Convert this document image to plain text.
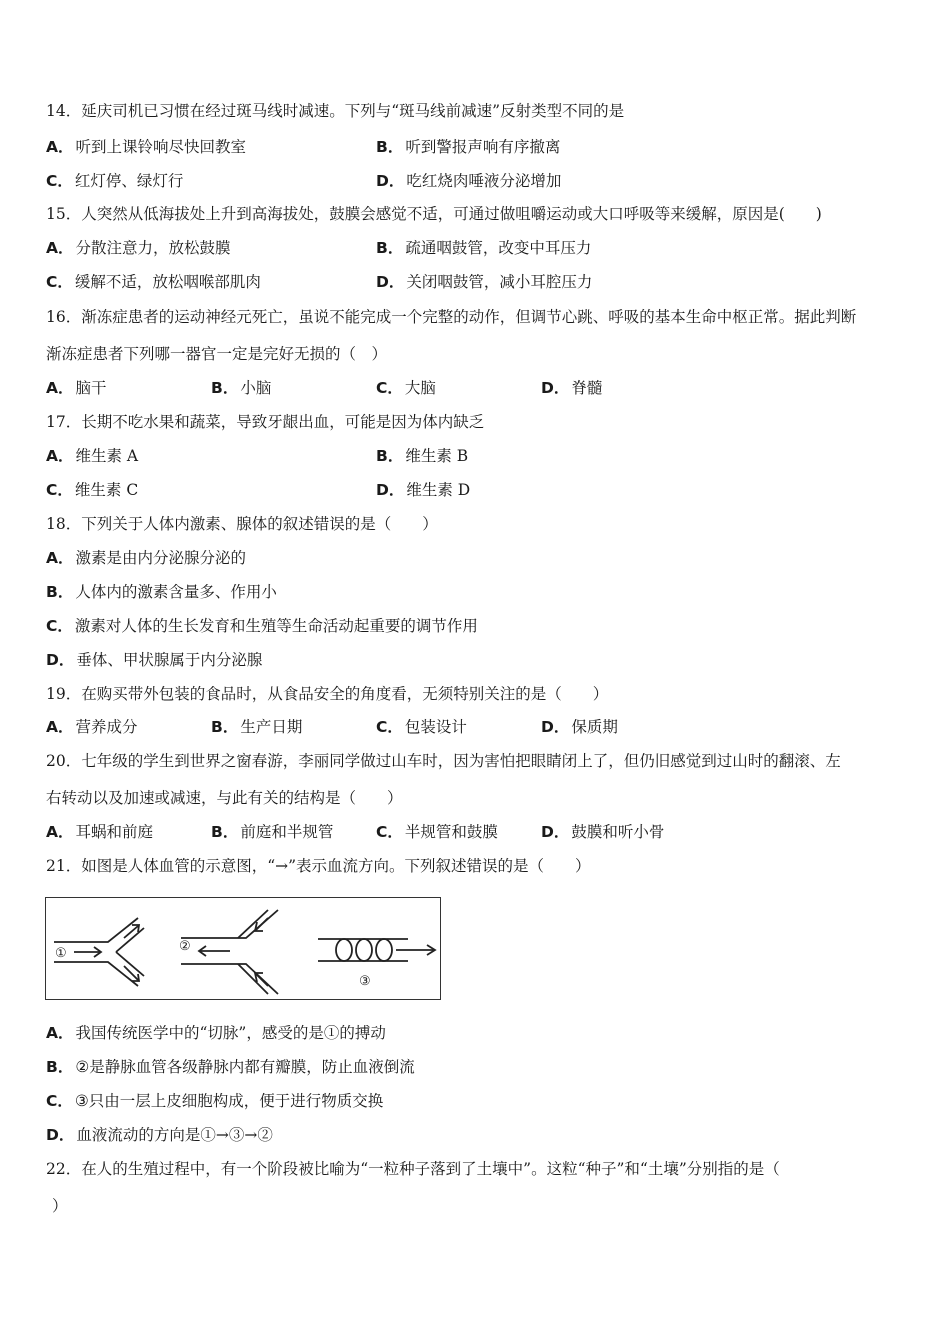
14．延庆司机已习惯在经过斑马线时减速。下列与“斑马线前减速”反射类型不同的是
A． 听到上课铃响尽快回教室	B． 听到警报声响有序撤离
C． 红灯停、绿灯行	D． 吃红烧肉唾液分泌增加
15．人突然从低海拔处上升到高海拔处，鼓膜会感觉不适，可通过做咀嚼运动或大口呼吸等来缓解，原因是(　　)
A． 分散注意力，放松鼓膜	B． 疏通咽鼓管，改变中耳压力
C． 缓解不适，放松咽喉部肌肉	D． 关闭咽鼓管，减小耳腔压力
16．渐冻症患者的运动神经元死亡，虽说不能完成一个完整的动作，但调节心跳、呼吸的基本生命中枢正常。据此判断
渐冻症患者下列哪一器官一定是完好无损的（　）
A． 脑干	B． 小脑	C． 大脑	D． 脊髓
17．长期不吃水果和蔬菜，导致牙龈出血，可能是因为体内缺乏
A． 维生素 A	B． 维生素 B
C． 维生素 C	D． 维生素 D
18．下列关于人体内激素、腺体的叙述错误的是（　　）
A． 激素是由内分泌腺分泌的
B． 人体内的激素含量多、作用小
C． 激素对人体的生长发育和生殖等生命活动起重要的调节作用
D． 垂体、甲状腺属于内分泌腺
19．在购买带外包装的食品时，从食品安全的角度看，无须特别关注的是（　　）
A． 营养成分	B． 生产日期	C． 包装设计	D． 保质期
20．七年级的学生到世界之窗春游，李丽同学做过山车时，因为害怕把眼睛闭上了，但仍旧感觉到过山时的翻滚、左
右转动以及加速或减速，与此有关的结构是（　　）
A． 耳蜗和前庭	B． 前庭和半规管	C． 半规管和鼓膜	D． 鼓膜和听小骨
21．如图是人体血管的示意图，“→”表示血流方向。下列叙述错误的是（　　）
①	②
③
A． 我国传统医学中的“切脉”，感受的是①的搏动
B． ②是静脉血管各级静脉内都有瓣膜，防止血液倒流
C． ③只由一层上皮细胞构成，便于进行物质交换
D． 血液流动的方向是①→③→②
22．在人的生殖过程中，有一个阶段被比喻为“一粒种子落到了土壤中”。这粒“种子”和“土壤”分别指的是（
）
